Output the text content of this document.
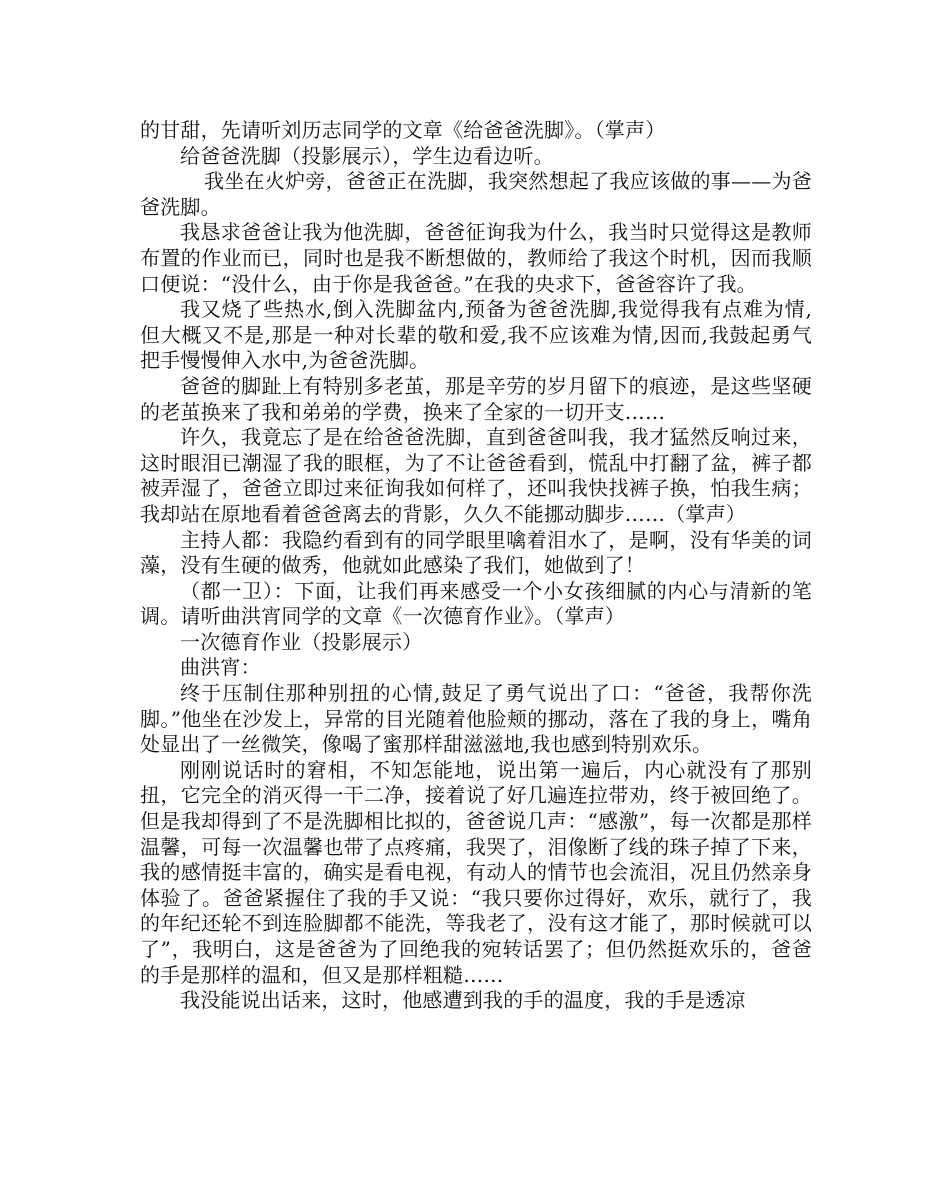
的甘甜，先请听刘历志同学的文章《给爸爸洗脚》。（掌声）

给爸爸洗脚（投影展示），学生边看边听。

我坐在火炉旁，爸爸正在洗脚，我突然想起了我应该做的事——为爸爸洗脚。

我恳求爸爸让我为他洗脚，爸爸征询我为什么，我当时只觉得这是教师布置的作业而已，同时也是我不断想做的，教师给了我这个时机，因而我顺口便说：“没什么，由于你是我爸爸。”在我的央求下，爸爸容许了我。

我又烧了些热水,倒入洗脚盆内,预备为爸爸洗脚,我觉得我有点难为情,但大概又不是,那是一种对长辈的敬和爱,我不应该难为情,因而,我鼓起勇气把手慢慢伸入水中,为爸爸洗脚。

爸爸的脚趾上有特别多老茧，那是辛劳的岁月留下的痕迹，是这些坚硬的老茧换来了我和弟弟的学费，换来了全家的一切开支……

许久，我竟忘了是在给爸爸洗脚，直到爸爸叫我，我才猛然反响过来，这时眼泪已潮湿了我的眼框，为了不让爸爸看到，慌乱中打翻了盆，裤子都被弄湿了，爸爸立即过来征询我如何样了，还叫我快找裤子换，怕我生病；我却站在原地看着爸爸离去的背影，久久不能挪动脚步……（掌声）

主持人都：我隐约看到有的同学眼里噙着泪水了，是啊，没有华美的词藻，没有生硬的做秀，他就如此感染了我们，她做到了！

（都一卫）：下面，让我们再来感受一个小女孩细腻的内心与清新的笔调。请听曲洪宵同学的文章《一次德育作业》。（掌声）

一次德育作业（投影展示）

曲洪宵：

终于压制住那种别扭的心情,鼓足了勇气说出了口：“爸爸，我帮你洗脚。”他坐在沙发上，异常的目光随着他脸颊的挪动，落在了我的身上，嘴角处显出了一丝微笑，像喝了蜜那样甜滋滋地,我也感到特别欢乐。

刚刚说话时的窘相，不知怎能地，说出第一遍后，内心就没有了那别扭，它完全的消灭得一干二净，接着说了好几遍连拉带劝，终于被回绝了。但是我却得到了不是洗脚相比拟的，爸爸说几声：“感激”，每一次都是那样温馨，可每一次温馨也带了点疼痛，我哭了，泪像断了线的珠子掉了下来，我的感情挺丰富的，确实是看电视，有动人的情节也会流泪，况且仍然亲身体验了。爸爸紧握住了我的手又说：“我只要你过得好，欢乐，就行了，我的年纪还轮不到连脸脚都不能洗，等我老了，没有这才能了，那时候就可以了”，我明白，这是爸爸为了回绝我的宛转话罢了；但仍然挺欢乐的，爸爸的手是那样的温和，但又是那样粗糙……

我没能说出话来，这时，他感遭到我的手的温度，我的手是透凉
